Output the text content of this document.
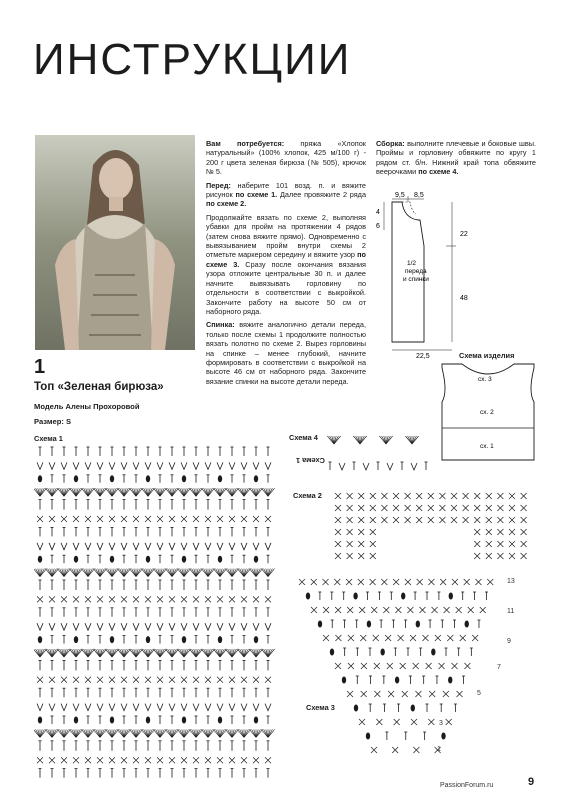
ИНСТРУКЦИИ
1
Топ «Зеленая бирюза»
Модель Алены Прохоровой
Размер: S

Вам потребуется: пряжа «Хлопок натуральный» (100% хлопок, 425 м/100 г) - 200 г цвета зеленая бирюза (№ 505), крючок № 5.

Перед: наберите 101 возд. п. и вяжите рисунок по схеме 1. Далее провяжите 2 ряда по схеме 2.

Продолжайте вязать по схеме 2, выполняя убавки для пройм на протяжении 4 рядов (затем снова вяжите прямо). Одновременно с вывязыванием пройм внутри схемы 2 отметьте маркером середину и вяжите узор по схеме 3. Сразу после окончания вязания узора отложите центральные 30 п. и далее начните вывязывать горловину по отдельности в соответствии с выкройкой. Закончите работу на высоте 50 см от наборного ряда.

Спинка: вяжите аналогично детали переда, только после схемы 1 продолжите полностью вязать полотно по схеме 2. Вырез горловины на спинке – менее глубокий, начните формировать в соответствии с выкройкой на высоте 46 см от наборного ряда. Закончите вязание спинки на высоте детали переда.

Сборка: выполните плечевые и боковые швы. Проймы и горловину обвяжите по кругу 1 рядом ст. б/н. Нижний край топа обвяжите веерочками по схеме 4.

9,5 8,5
4
6
22
48
22,5
1/2
переда
и спинки
Схема изделия
сх. 3
сх. 2
сх. 1
Схема 1	Схема 4
Схема 1
Схема 2
Схема 3
13
11
9
7
5
3
1
PassionForum.ru	9
